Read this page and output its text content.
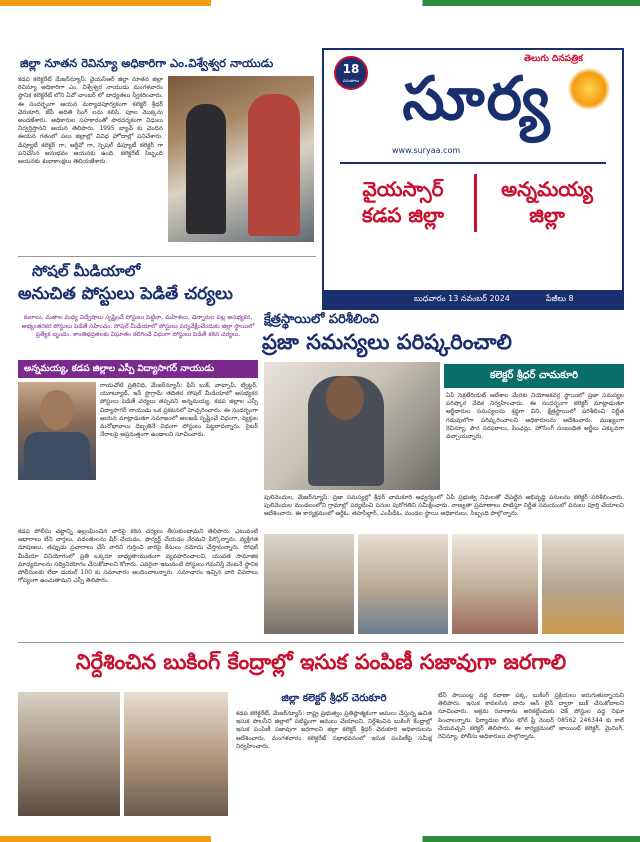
జిల్లా నూతన రెవిన్యూ అధికారిగా ఎం.విశ్వేశ్వర నాయుడు
కడప కలెక్టరేట్ మేజర్‌న్యూస్: వైయస్ఆర్ జిల్లా నూతన జిల్లా రెవిన్యూ అధికారిగా ఎం. విశ్వేశ్వర నాయుడు మంగళవారం స్థానిక కలెక్టరేట్ లోని ఏవో చాంబర్ లో బాధ్యతలు స్వీకరించారు. ఈ సందర్భంగా ఆయన మర్యాదపూర్వకంగా కలెక్టర్ శ్రీధర్ చెరుకూరి, జేసీ అదితి సింగ్ లను కలిసి, పూల మొక్కను అందజేశారు. అధికారుల సహకారంతో పారదర్శకంగా విధులు నిర్వర్తిస్తానని ఆయన తెలిపారు. 1995 బ్యాచ్ కు చెందిన ఈయన గతంలో పలు జిల్లాల్లో వివిధ హోదాల్లో పనిచేశారు. డిప్యూటీ కలెక్టర్ గా, ఆర్డీవో గా, స్పెషల్ డిప్యూటీ కలెక్టర్ గా పనిచేసిన అనుభవం ఆయనకు ఉంది. కలెక్టరేట్ సిబ్బంది ఆయనకు శుభాకాంక్షలు తెలియజేశారు.
18
వసంతాలు
తెలుగు దినపత్రిక
సూర్య
www.suryaa.com
వైయస్సార్
కడప జిల్లా
అన్నమయ్య
జిల్లా
బుధవారం 13 నవంబర్ 2024	పేజీలు 8
సోషల్ మీడియాలో
అనుచిత పోస్టులు పెడితే చర్యలు
కులాలు, మతాల మధ్య విద్వేషాలు సృష్టించే పోస్టులు పెట్టినా, మహిళలు, చిన్నారుల పట్ల అసభ్యకర, అభ్యంతరకర పోస్టులు పెడితే సహించం. సోషల్ మీడియాలో పోస్టులు పర్యవేక్షించేందుకు జిల్లా స్థాయిలో ప్రత్యేక బృందం. శాంతిభద్రతలకు విఘాతం కలిగించే విధంగా పోస్టులు పెడితే కఠిన చర్యలు.
అన్నమయ్య, కడప జిల్లాల ఎస్పీ విద్యాసాగర్ నాయుడు
రాయచోటి ప్రతినిధి, మేజర్‌న్యూస్: ఫేస్ బుక్, వాట్సాప్, ట్విట్టర్, యూట్యూబ్, ఇన్ స్టాగ్రామ్ తదితర సోషల్ మీడియాలో అసభ్యకర పోస్టులు పెడితే చర్యలు తప్పవని అన్నమయ్య, కడప జిల్లాల ఎస్పీ విద్యాసాగర్ నాయుడు ఒక ప్రకటనలో హెచ్చరించారు. ఈ సందర్భంగా ఆయన మాట్లాడుతూ సమాజంలో అలజడి సృష్టించే విధంగా, వ్యక్తుల మనోభావాలు దెబ్బతినే విధంగా పోస్టులు పెట్టరాదన్నారు. సైబర్ నేరాలపై అప్రమత్తంగా ఉండాలని సూచించారు.
కడప పోలీసు చట్టాన్ని ఉల్లంఘించిన వారిపై కఠిన చర్యలు తీసుకుంటామని తెలిపారు. ఎటువంటి ఆధారాలు లేని వార్తలు, వదంతులను షేర్ చేయడం, ఫార్వర్డ్ చేయడం నేరమని పేర్కొన్నారు. వ్యక్తిగత దూషణలు, తప్పుడు ప్రచారాలు చేసే వారిని గుర్తించి వారిపై కేసులు నమోదు చేస్తామన్నారు. సోషల్ మీడియా వినియోగంలో ప్రతి ఒక్కరూ బాధ్యతాయుతంగా వ్యవహరించాలని, యువత సామాజిక మాధ్యమాలను సద్వినియోగం చేసుకోవాలని కోరారు. ఎవరైనా ఇటువంటి పోస్టులు గమనిస్తే వెంటనే స్థానిక పోలీసులకు లేదా డయల్ 100 కు సమాచారం అందించాలన్నారు. సమాచారం ఇచ్చిన వారి వివరాలు గోప్యంగా ఉంచుతామని ఎస్పీ తెలిపారు.
క్షేత్రస్థాయిలో పరిశీలించి
ప్రజా సమస్యలు పరిష్కరించాలి
కలెక్టర్ శ్రీధర్ చామకూరి
ఏపీ సెక్రటేరియట్ ఆదేశాల మేరకు నియోజకవర్గ స్థాయిలో ప్రజా సమస్యల పరిష్కార వేదిక నిర్వహించారు. ఈ సందర్భంగా కలెక్టర్ మాట్లాడుతూ అర్జీదారుల సమస్యలను శ్రద్ధగా విని, క్షేత్రస్థాయిలో పరిశీలించి నిర్ణీత గడువులోగా పరిష్కరించాలని అధికారులను ఆదేశించారు. ముఖ్యంగా రెవిన్యూ, పౌర సరఫరాలు, పింఛన్లు, హౌసింగ్ సంబంధిత అర్జీలు ఎక్కువగా వచ్చాయన్నారు.
పులివెందుల, మేజర్‌న్యూస్: ప్రజా సమస్యల్లో శ్రీధర్ చామకూరి ఆధ్వర్యంలో ఏపీ ప్రభుత్వ నిధులతో చేపట్టిన అభివృద్ధి పనులను కలెక్టర్ పరిశీలించారు. పులివెందుల మండలంలోని గ్రామాల్లో పర్యటించి పనుల పురోగతిని సమీక్షించారు. నాణ్యతా ప్రమాణాలు పాటిస్తూ నిర్ణీత సమయంలో పనులు పూర్తి చేయాలని ఆదేశించారు. ఈ కార్యక్రమంలో ఆర్డీఓ, తహసీల్దార్, ఎంపీడీఓ, మండల స్థాయి అధికారులు, సిబ్బంది పాల్గొన్నారు.
నిర్దేశించిన బుకింగ్ కేంద్రాల్లో ఇసుక పంపిణీ సజావుగా జరగాలి
జిల్లా కలెక్టర్ శ్రీధర్ చెరుకూరి
కడప కలెక్టరేట్, మేజర్‌న్యూస్: రాష్ట్ర ప్రభుత్వం ప్రతిష్ఠాత్మకంగా అమలు చేస్తున్న ఉచిత ఇసుక పాలసీని జిల్లాలో పటిష్టంగా అమలు చేయాలని, నిర్దేశించిన బుకింగ్ కేంద్రాల్లో ఇసుక పంపిణీ సజావుగా జరగాలని జిల్లా కలెక్టర్ శ్రీధర్ చెరుకూరి అధికారులను ఆదేశించారు. మంగళవారం కలెక్టరేట్ సభాభవనంలో ఇసుక పంపిణీపై సమీక్ష నిర్వహించారు.
బేస్ పాయింట్ల వద్ద రవాణా పక్క, బుకింగ్ ప్రక్రియలు జరుగుతున్నాయని తెలిపారు. ఇసుక కావలసిన వారు ఆన్ లైన్ ద్వారా బుక్ చేసుకోవాలని సూచించారు. అక్రమ రవాణాను అరికట్టేందుకు చెక్ పోస్టుల వద్ద నిఘా పెంచాలన్నారు. ఫిర్యాదుల కోసం టోల్ ఫ్రీ నెంబర్ 08562 246344 కు కాల్ చేయవచ్చని కలెక్టర్ తెలిపారు. ఈ కార్యక్రమంలో జాయింట్ కలెక్టర్, మైనింగ్, రెవిన్యూ, పోలీసు అధికారులు పాల్గొన్నారు.
